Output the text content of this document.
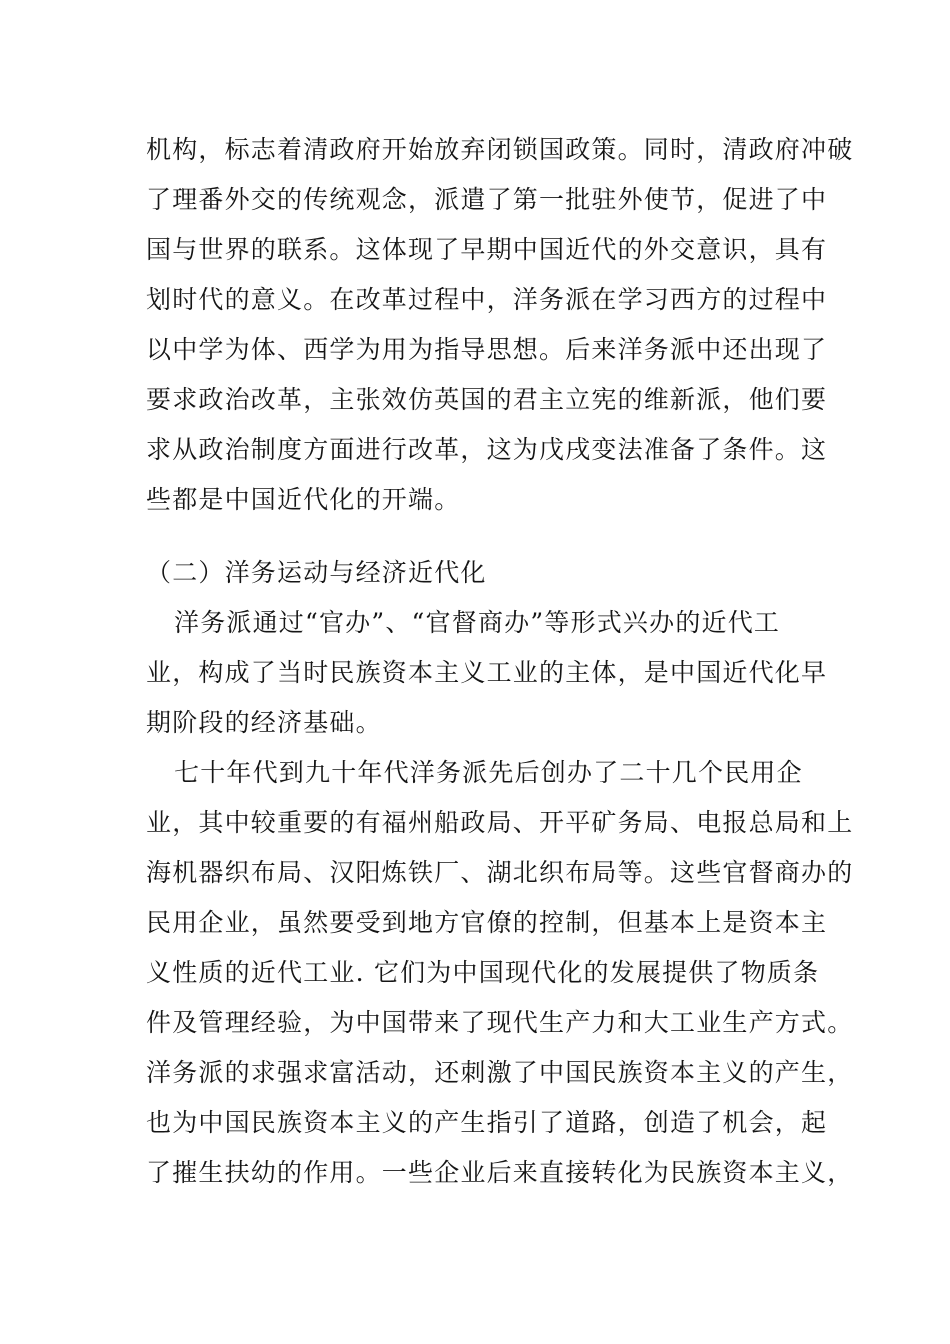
机构，标志着清政府开始放弃闭锁国政策。同时，清政府冲破
了理番外交的传统观念，派遣了第一批驻外使节，促进了中
国与世界的联系。这体现了早期中国近代的外交意识，具有
划时代的意义。在改革过程中，洋务派在学习西方的过程中
以中学为体、西学为用为指导思想。后来洋务派中还出现了
要求政治改革，主张效仿英国的君主立宪的维新派，他们要
求从政治制度方面进行改革，这为戊戌变法准备了条件。这
些都是中国近代化的开端。
（二）洋务运动与经济近代化
洋务派通过“官办”、“官督商办”等形式兴办的近代工
业，构成了当时民族资本主义工业的主体，是中国近代化早
期阶段的经济基础。
七十年代到九十年代洋务派先后创办了二十几个民用企
业，其中较重要的有福州船政局、开平矿务局、电报总局和上
海机器织布局、汉阳炼铁厂、湖北织布局等。这些官督商办的
民用企业，虽然要受到地方官僚的控制，但基本上是资本主
义性质的近代工业. 它们为中国现代化的发展提供了物质条
件及管理经验，为中国带来了现代生产力和大工业生产方式。
洋务派的求强求富活动，还刺激了中国民族资本主义的产生，
也为中国民族资本主义的产生指引了道路，创造了机会，起
了摧生扶幼的作用。一些企业后来直接转化为民族资本主义，
